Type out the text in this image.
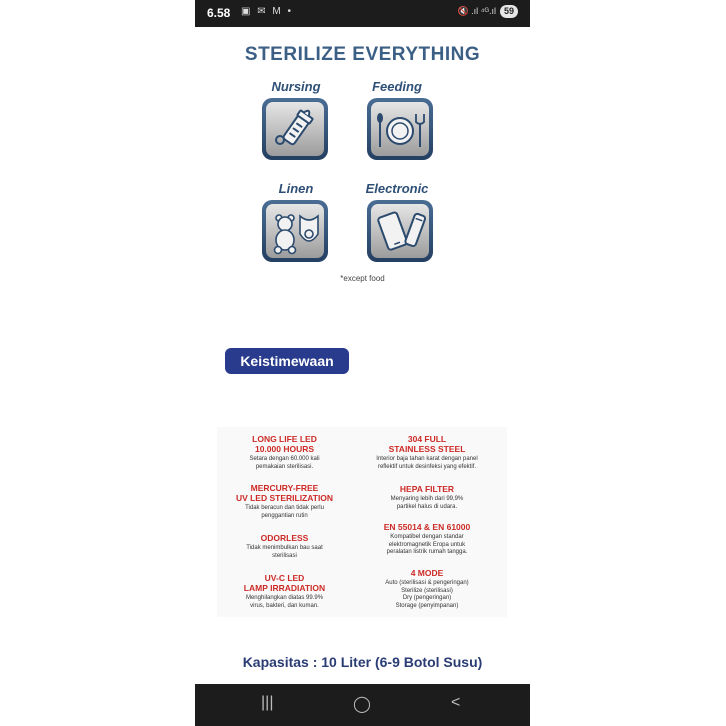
6.58 ▣ ✉ M •	🔇 .ıl ⁴ᴳ.ıl 59
STERILIZE EVERYTHING
Nursing	Feeding
Linen	Electronic
*except food
Keistimewaan
LONG LIFE LED
10.000 HOURS
Setara dengan 60.000 kali
pemakaian sterilisasi.
304 FULL
STAINLESS STEEL
Interior baja tahan karat dengan panel
reflektif untuk desinfeksi yang efektif.
MERCURY-FREE
UV LED STERILIZATION
Tidak beracun dan tidak perlu
penggantian rutin
HEPA FILTER
Menyaring lebih dari 99,9%
partikel halus di udara.
ODORLESS
Tidak menimbulkan bau saat
sterilisasi
EN 55014 & EN 61000
Kompatibel dengan standar
elektromagnetik Eropa untuk
peralatan listrik rumah tangga.
UV-C LED
LAMP IRRADIATION
Menghilangkan diatas 99.9%
virus, bakteri, dan kuman.
4 MODE
Auto (sterilisasi & pengeringan)
Sterilize (sterilisasi)
Dry (pengeringan)
Storage (penyimpanan)
Kapasitas : 10 Liter (6-9 Botol Susu)
|||	◯	<
